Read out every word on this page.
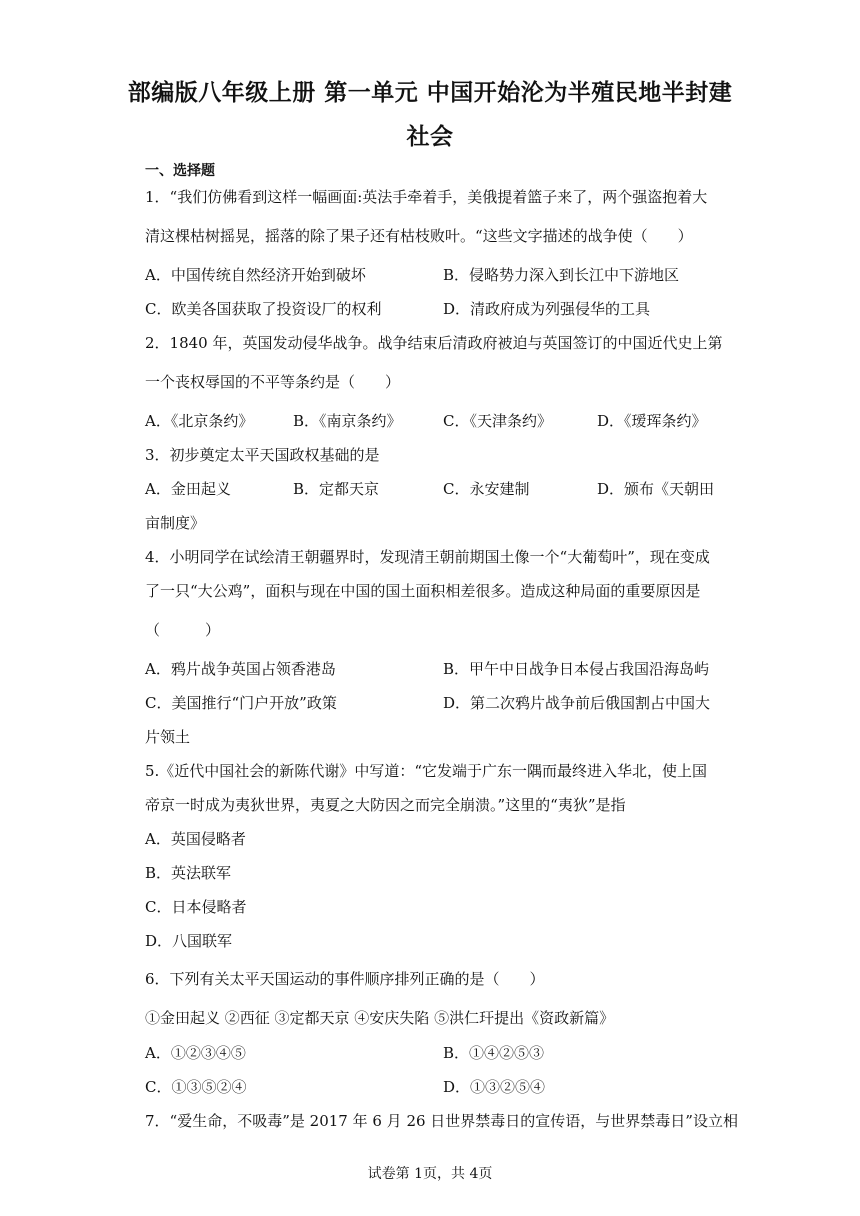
部编版八年级上册 第一单元 中国开始沦为半殖民地半封建
社会
一、选择题
1．“我们仿佛看到这样一幅画面:英法手牵着手，美俄提着篮子来了，两个强盗抱着大
清这棵枯树摇晃，摇落的除了果子还有枯枝败叶。“这些文字描述的战争使（　　）
A．中国传统自然经济开始到破坏	B．侵略势力深入到长江中下游地区
C．欧美各国获取了投资设厂的权利	D．清政府成为列强侵华的工具
2．1840 年，英国发动侵华战争。战争结束后清政府被迫与英国签订的中国近代史上第
一个丧权辱国的不平等条约是（　　）
A．《北京条约》	B．《南京条约》	C．《天津条约》	D．《瑷珲条约》
3．初步奠定太平天国政权基础的是
A．金田起义	B．定都天京	C．永安建制	D．颁布《天朝田
亩制度》
4．小明同学在试绘清王朝疆界时，发现清王朝前期国土像一个“大葡萄叶”，现在变成
了一只“大公鸡”，面积与现在中国的国土面积相差很多。造成这种局面的重要原因是
（　　　）
A．鸦片战争英国占领香港岛	B．甲午中日战争日本侵占我国沿海岛屿
C．美国推行“门户开放”政策	D．第二次鸦片战争前后俄国割占中国大
片领土
5.《近代中国社会的新陈代谢》中写道：“它发端于广东一隅而最终进入华北，使上国
帝京一时成为夷狄世界，夷夏之大防因之而完全崩溃。”这里的“夷狄”是指
A．英国侵略者
B．英法联军
C．日本侵略者
D．八国联军
6．下列有关太平天国运动的事件顺序排列正确的是（　　）
①金田起义 ②西征 ③定都天京 ④安庆失陷 ⑤洪仁玕提出《资政新篇》
A．①②③④⑤	B．①④②⑤③
C．①③⑤②④	D．①③②⑤④
7．“爱生命，不吸毒”是 2017 年 6 月 26 日世界禁毒日的宣传语，与世界禁毒日”设立相
试卷第 1页，共 4页
